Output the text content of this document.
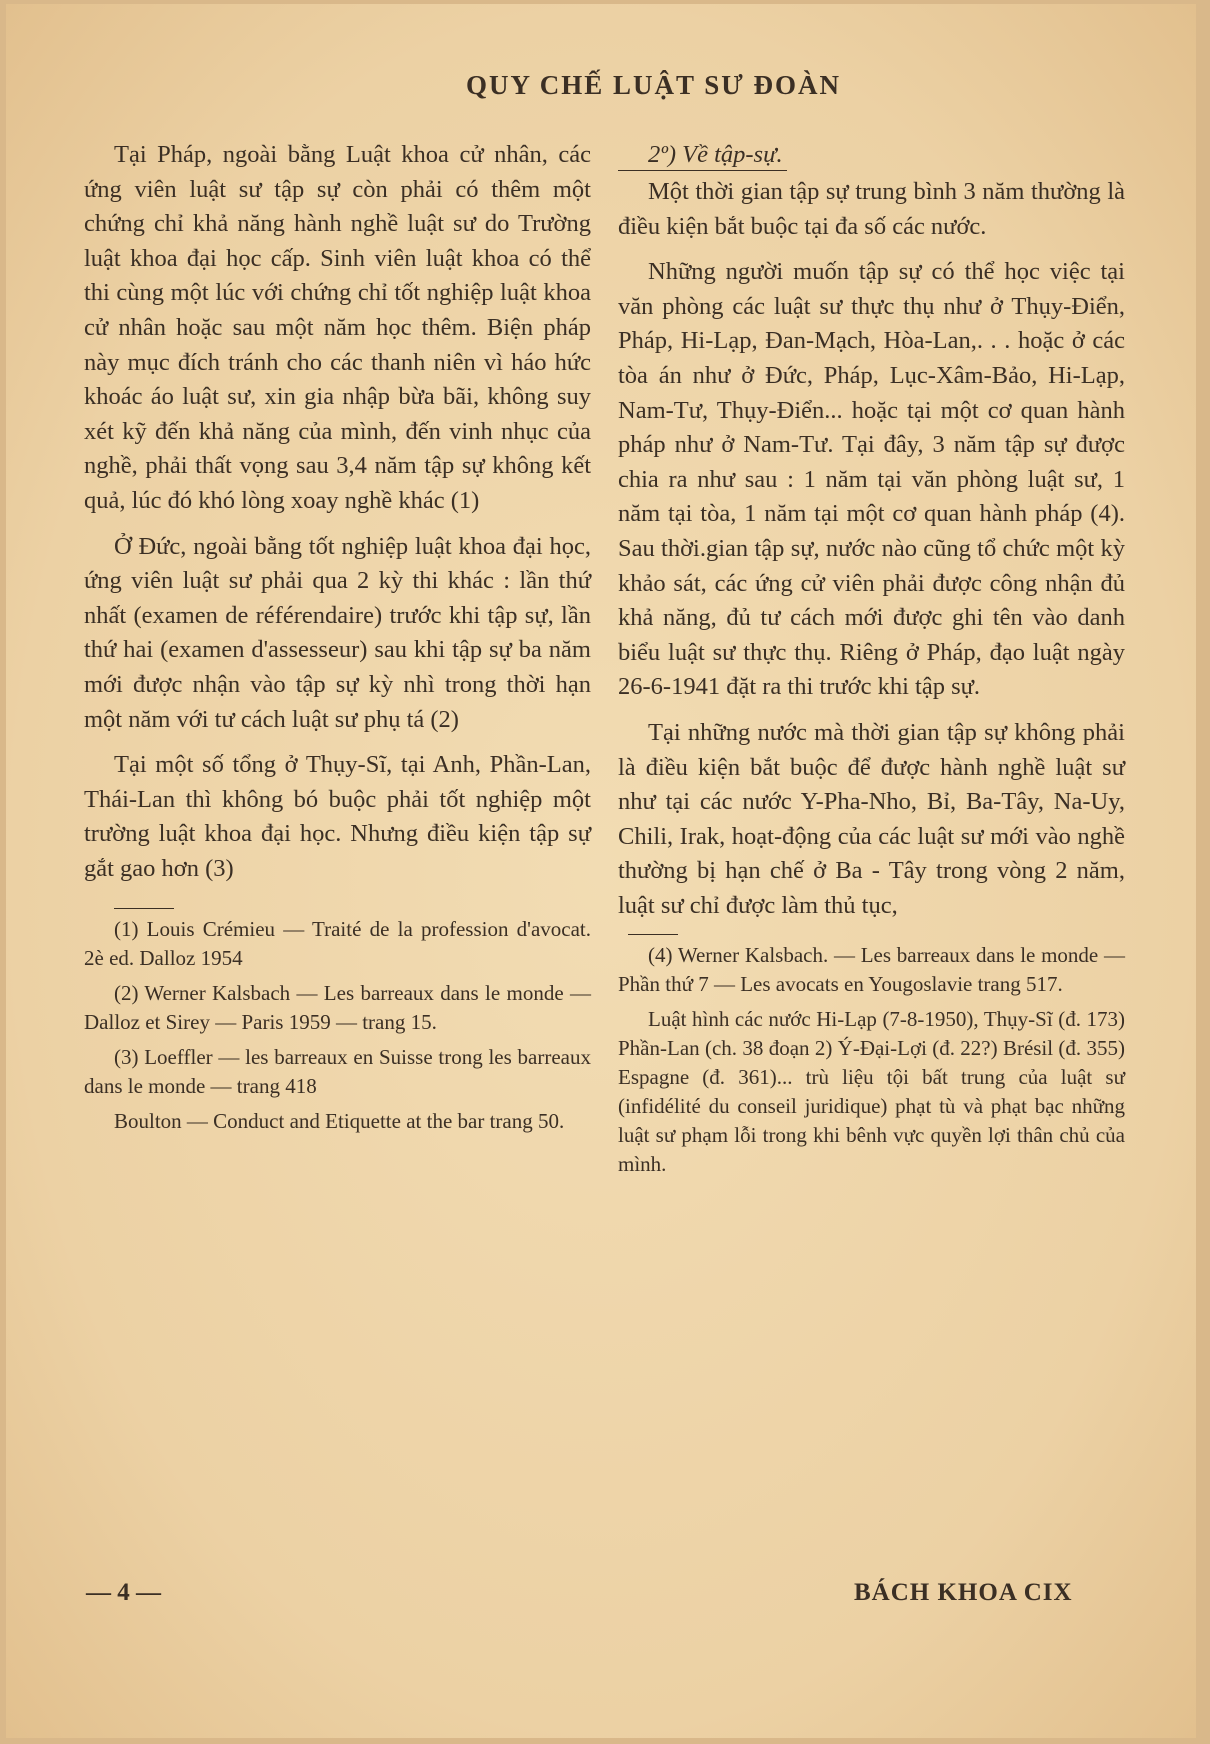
QUY CHẾ LUẬT SƯ ĐOÀN

Tại Pháp, ngoài bằng Luật khoa cử nhân, các ứng viên luật sư tập sự còn phải có thêm một chứng chỉ khả năng hành nghề luật sư do Trường luật khoa đại học cấp. Sinh viên luật khoa có thể thi cùng một lúc với chứng chỉ tốt nghiệp luật khoa cử nhân hoặc sau một năm học thêm. Biện pháp này mục đích tránh cho các thanh niên vì háo hức khoác áo luật sư, xin gia nhập bừa bãi, không suy xét kỹ đến khả năng của mình, đến vinh nhục của nghề, phải thất vọng sau 3,4 năm tập sự không kết quả, lúc đó khó lòng xoay nghề khác (1)

Ở Đức, ngoài bằng tốt nghiệp luật khoa đại học, ứng viên luật sư phải qua 2 kỳ thi khác : lần thứ nhất (examen de référendaire) trước khi tập sự, lần thứ hai (examen d'assesseur) sau khi tập sự ba năm mới được nhận vào tập sự kỳ nhì trong thời hạn một năm với tư cách luật sư phụ tá (2)

Tại một số tổng ở Thụy-Sĩ, tại Anh, Phần-Lan, Thái-Lan thì không bó buộc phải tốt nghiệp một trường luật khoa đại học. Nhưng điều kiện tập sự gắt gao hơn (3)

(1) Louis Crémieu — Traité de la profession d'avocat. 2è ed. Dalloz 1954

(2) Werner Kalsbach — Les barreaux dans le monde — Dalloz et Sirey — Paris 1959 — trang 15.

(3) Loeffler — les barreaux en Suisse trong les barreaux dans le monde — trang 418

Boulton — Conduct and Etiquette at the bar trang 50.

2º) Về tập-sự.

Một thời gian tập sự trung bình 3 năm thường là điều kiện bắt buộc tại đa số các nước.

Những người muốn tập sự có thể học việc tại văn phòng các luật sư thực thụ như ở Thụy-Điển, Pháp, Hi-Lạp, Đan-Mạch, Hòa-Lan,. . . hoặc ở các tòa án như ở Đức, Pháp, Lục-Xâm-Bảo, Hi-Lạp, Nam-Tư, Thụy-Điển... hoặc tại một cơ quan hành pháp như ở Nam-Tư. Tại đây, 3 năm tập sự được chia ra như sau : 1 năm tại văn phòng luật sư, 1 năm tại tòa, 1 năm tại một cơ quan hành pháp (4). Sau thời.gian tập sự, nước nào cũng tổ chức một kỳ khảo sát, các ứng cử viên phải được công nhận đủ khả năng, đủ tư cách mới được ghi tên vào danh biểu luật sư thực thụ. Riêng ở Pháp, đạo luật ngày 26-6-1941 đặt ra thi trước khi tập sự.

Tại những nước mà thời gian tập sự không phải là điều kiện bắt buộc để được hành nghề luật sư như tại các nước Y-Pha-Nho, Bỉ, Ba-Tây, Na-Uy, Chili, Irak, hoạt-động của các luật sư mới vào nghề thường bị hạn chế ở Ba - Tây trong vòng 2 năm, luật sư chỉ được làm thủ tục,

(4) Werner Kalsbach. — Les barreaux dans le monde — Phần thứ 7 — Les avocats en Yougoslavie trang 517.

Luật hình các nước Hi-Lạp (7-8-1950), Thụy-Sĩ (đ. 173) Phần-Lan (ch. 38 đoạn 2) Ý-Đại-Lợi (đ. 22?) Brésil (đ. 355) Espagne (đ. 361)... trù liệu tội bất trung của luật sư (infidélité du conseil juridique) phạt tù và phạt bạc những luật sư phạm lỗi trong khi bênh vực quyền lợi thân chủ của mình.

— 4 —	BÁCH KHOA CIX
